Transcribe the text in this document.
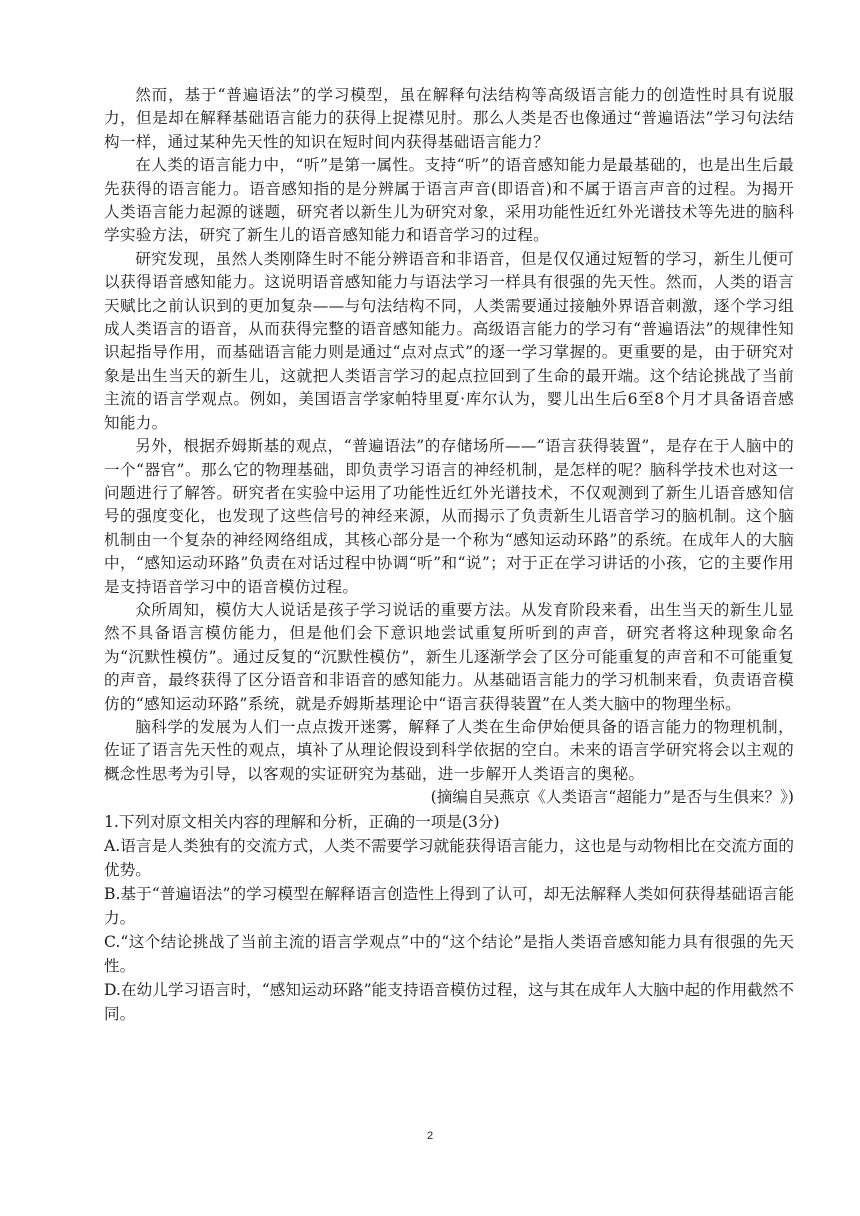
然而，基于“普遍语法”的学习模型，虽在解释句法结构等高级语言能力的创造性时具有说服力，但是却在解释基础语言能力的获得上捉襟见肘。那么人类是否也像通过“普遍语法”学习句法结构一样，通过某种先天性的知识在短时间内获得基础语言能力？

在人类的语言能力中，“听”是第一属性。支持“听”的语音感知能力是最基础的，也是出生后最先获得的语言能力。语音感知指的是分辨属于语言声音(即语音)和不属于语言声音的过程。为揭开人类语言能力起源的谜题，研究者以新生儿为研究对象，采用功能性近红外光谱技术等先进的脑科学实验方法，研究了新生儿的语音感知能力和语音学习的过程。

研究发现，虽然人类刚降生时不能分辨语音和非语音，但是仅仅通过短暂的学习，新生儿便可以获得语音感知能力。这说明语音感知能力与语法学习一样具有很强的先天性。然而，人类的语言天赋比之前认识到的更加复杂——与句法结构不同，人类需要通过接触外界语音刺激，逐个学习组成人类语言的语音，从而获得完整的语音感知能力。高级语言能力的学习有“普遍语法”的规律性知识起指导作用，而基础语言能力则是通过“点对点式”的逐一学习掌握的。更重要的是，由于研究对象是出生当天的新生儿，这就把人类语言学习的起点拉回到了生命的最开端。这个结论挑战了当前主流的语言学观点。例如，美国语言学家帕特里夏·库尔认为，婴儿出生后6至8个月才具备语音感知能力。

另外，根据乔姆斯基的观点，“普遍语法”的存储场所——“语言获得装置”，是存在于人脑中的一个“器官”。那么它的物理基础，即负责学习语言的神经机制，是怎样的呢？脑科学技术也对这一问题进行了解答。研究者在实验中运用了功能性近红外光谱技术，不仅观测到了新生儿语音感知信号的强度变化，也发现了这些信号的神经来源，从而揭示了负责新生儿语音学习的脑机制。这个脑机制由一个复杂的神经网络组成，其核心部分是一个称为“感知运动环路”的系统。在成年人的大脑中，“感知运动环路”负责在对话过程中协调“听”和“说”；对于正在学习讲话的小孩，它的主要作用是支持语音学习中的语音模仿过程。

众所周知，模仿大人说话是孩子学习说话的重要方法。从发育阶段来看，出生当天的新生儿显然不具备语言模仿能力，但是他们会下意识地尝试重复所听到的声音，研究者将这种现象命名为“沉默性模仿”。通过反复的“沉默性模仿”，新生儿逐渐学会了区分可能重复的声音和不可能重复的声音，最终获得了区分语音和非语音的感知能力。从基础语言能力的学习机制来看，负责语音模仿的“感知运动环路”系统，就是乔姆斯基理论中“语言获得装置”在人类大脑中的物理坐标。

脑科学的发展为人们一点点拨开迷雾，解释了人类在生命伊始便具备的语言能力的物理机制，佐证了语言先天性的观点，填补了从理论假设到科学依据的空白。未来的语言学研究将会以主观的概念性思考为引导，以客观的实证研究为基础，进一步解开人类语言的奥秘。

(摘编自吴燕京《人类语言“超能力”是否与生俱来？》)

1.下列对原文相关内容的理解和分析，正确的一项是(3分)

A.语言是人类独有的交流方式，人类不需要学习就能获得语言能力，这也是与动物相比在交流方面的优势。

B.基于“普遍语法”的学习模型在解释语言创造性上得到了认可，却无法解释人类如何获得基础语言能力。

C.“这个结论挑战了当前主流的语言学观点”中的“这个结论”是指人类语音感知能力具有很强的先天性。

D.在幼儿学习语言时，“感知运动环路”能支持语音模仿过程，这与其在成年人大脑中起的作用截然不同。

2
